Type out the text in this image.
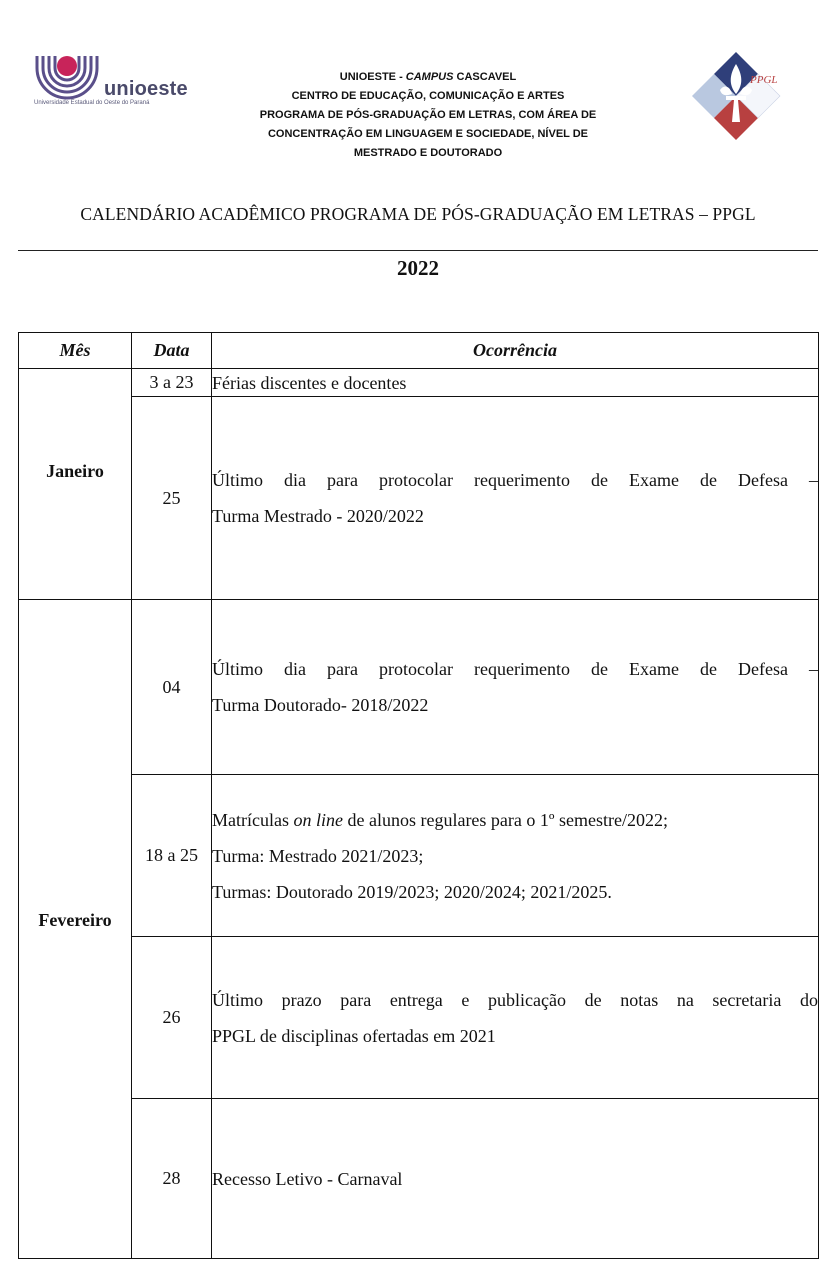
unioeste
Universidade Estadual do Oeste do Paraná
UNIOESTE - CAMPUS CASCAVEL
CENTRO DE EDUCAÇÃO, COMUNICAÇÃO E ARTES
PROGRAMA DE PÓS-GRADUAÇÃO EM LETRAS, COM ÁREA DE
CONCENTRAÇÃO EM LINGUAGEM E SOCIEDADE, NÍVEL DE
MESTRADO E DOUTORADO
PPGL
CALENDÁRIO ACADÊMICO PROGRAMA DE PÓS-GRADUAÇÃO EM LETRAS – PPGL
2022
Mês	Data	Ocorrência
Janeiro	3 a 23	Férias discentes e docentes

	25	Último dia para protocolar requerimento de Exame de Defesa –
Turma Mestrado - 2020/2022

Fevereiro	04	Último dia para protocolar requerimento de Exame de Defesa –
Turma Doutorado- 2018/2022

	18 a 25	Matrículas on line de alunos regulares para o 1º semestre/2022;
Turma: Mestrado 2021/2023;
Turmas: Doutorado 2019/2023; 2020/2024; 2021/2025.

	26	Último prazo para entrega e publicação de notas na secretaria do
PPGL de disciplinas ofertadas em 2021

	28	Recesso Letivo - Carnaval
